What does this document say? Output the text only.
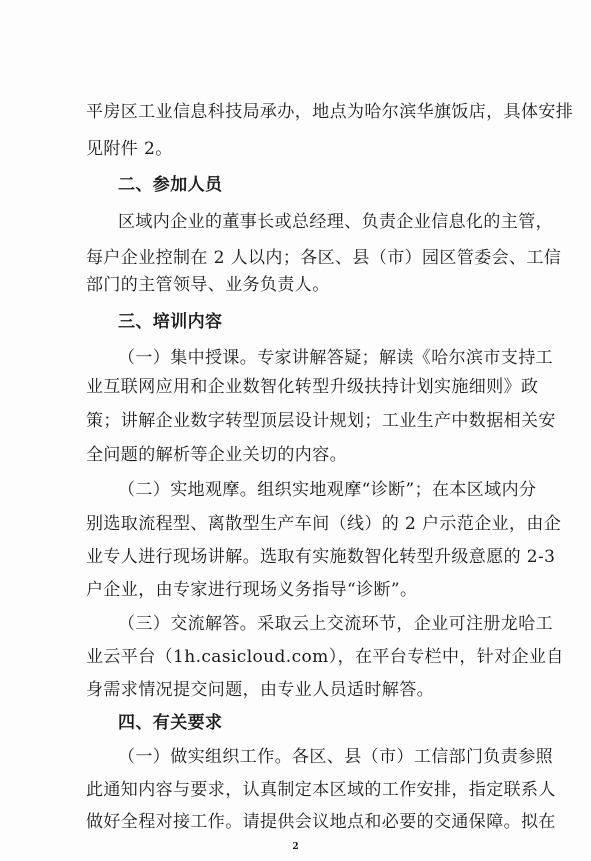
平房区工业信息科技局承办，地点为哈尔滨华旗饭店，具体安排
见附件 2。
二、参加人员
区域内企业的董事长或总经理、负责企业信息化的主管，
每户企业控制在 2 人以内；各区、县（市）园区管委会、工信
部门的主管领导、业务负责人。
三、培训内容
（一）集中授课。专家讲解答疑；解读《哈尔滨市支持工
业互联网应用和企业数智化转型升级扶持计划实施细则》政
策；讲解企业数字转型顶层设计规划；工业生产中数据相关安
全问题的解析等企业关切的内容。
（二）实地观摩。组织实地观摩“诊断”；在本区域内分
别选取流程型、离散型生产车间（线）的 2 户示范企业，由企
业专人进行现场讲解。选取有实施数智化转型升级意愿的 2-3
户企业，由专家进行现场义务指导“诊断”。
（三）交流解答。采取云上交流环节，企业可注册龙哈工
业云平台（1h.casicloud.com），在平台专栏中，针对企业自
身需求情况提交问题，由专业人员适时解答。
四、有关要求
（一）做实组织工作。各区、县（市）工信部门负责参照
此通知内容与要求，认真制定本区域的工作安排，指定联系人
做好全程对接工作。请提供会议地点和必要的交通保障。拟在
2
